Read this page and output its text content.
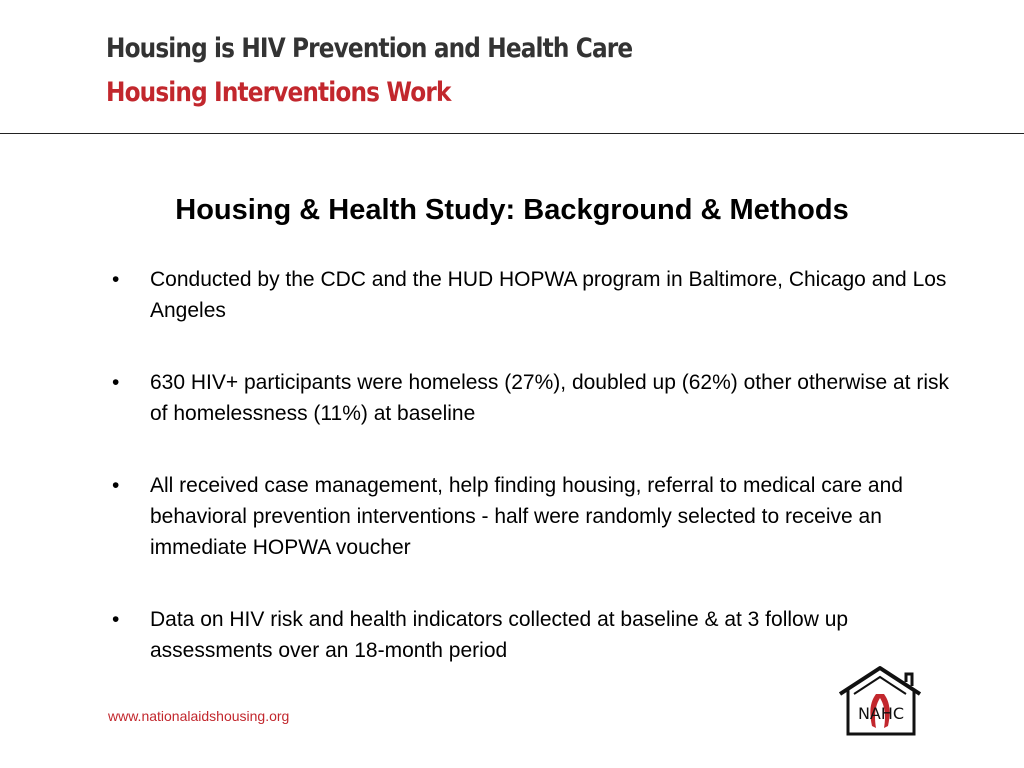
Housing is HIV Prevention and Health Care
Housing Interventions Work
Housing & Health Study: Background & Methods
• Conducted by the CDC and the HUD HOPWA program in Baltimore, Chicago and Los Angeles
• 630 HIV+ participants were homeless (27%), doubled up (62%) other otherwise at risk of homelessness (11%) at baseline
• All received case management, help finding housing, referral to medical care and behavioral prevention interventions - half were randomly selected to receive an immediate HOPWA voucher
• Data on HIV risk and health indicators collected at baseline & at 3 follow up assessments over an 18-month period
www.nationalaidshousing.org	NAHC
